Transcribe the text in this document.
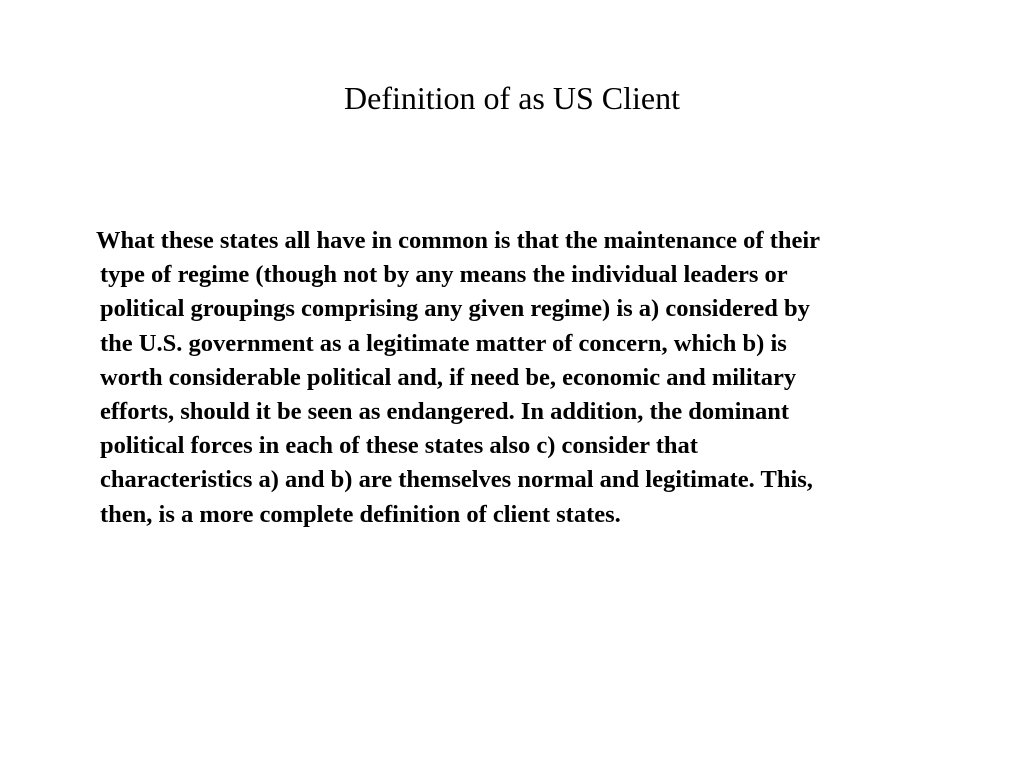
Definition of as US Client

What these states all have in common is that the maintenance of their
type of regime (though not by any means the individual leaders or
political groupings comprising any given regime) is a) considered by
the U.S. government as a legitimate matter of concern, which b) is
worth considerable political and, if need be, economic and military
efforts, should it be seen as endangered. In addition, the dominant
political forces in each of these states also c) consider that
characteristics a) and b) are themselves normal and legitimate. This,
then, is a more complete definition of client states.
